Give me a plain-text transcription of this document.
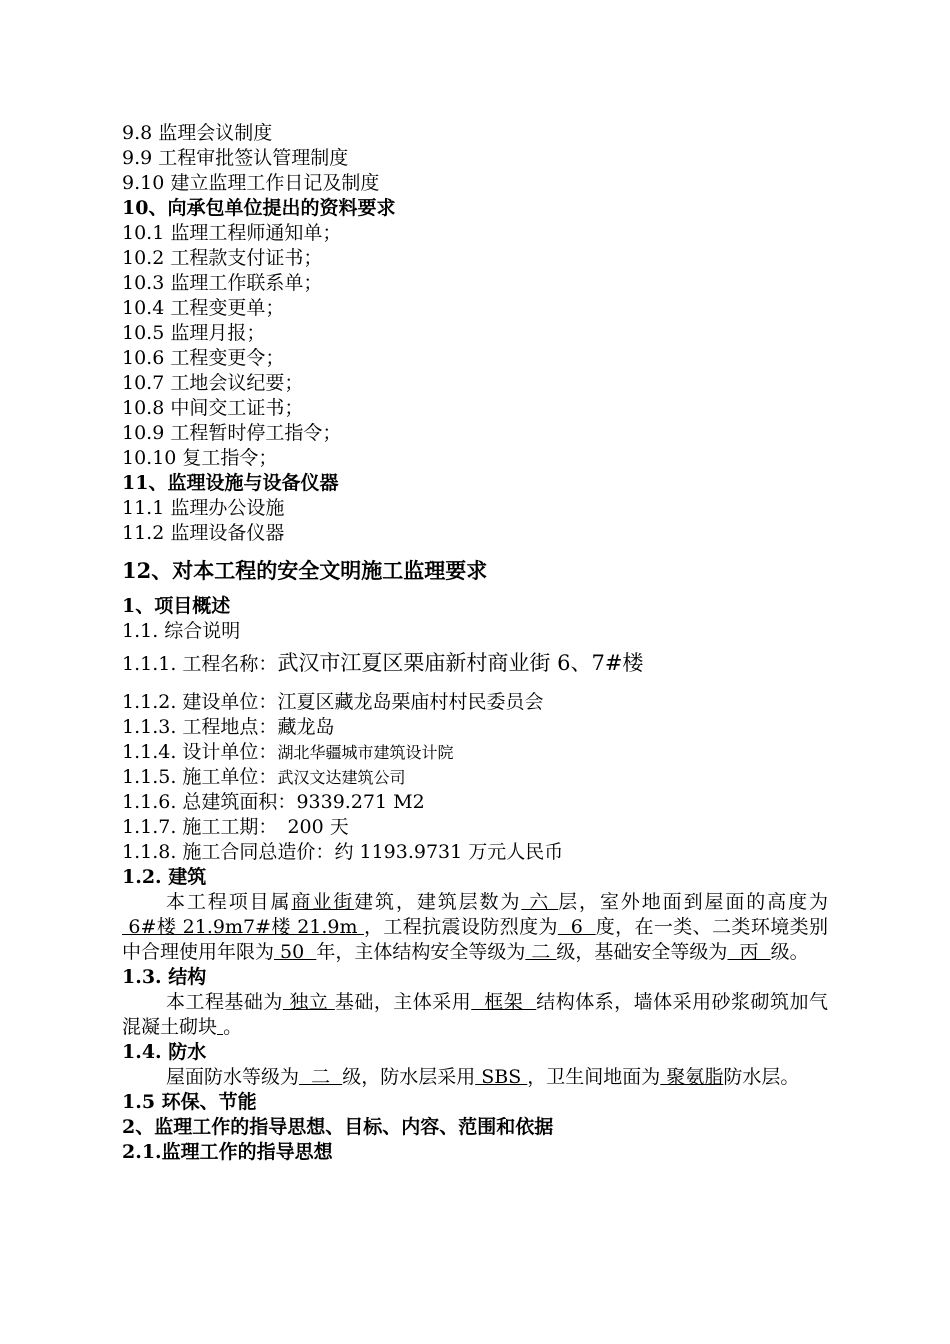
9.8 监理会议制度
9.9 工程审批签认管理制度
9.10 建立监理工作日记及制度
10、向承包单位提出的资料要求
10.1 监理工程师通知单；
10.2 工程款支付证书；
10.3 监理工作联系单；
10.4 工程变更单；
10.5 监理月报；
10.6 工程变更令；
10.7 工地会议纪要；
10.8 中间交工证书；
10.9 工程暂时停工指令；
10.10 复工指令；
11、监理设施与设备仪器
11.1 监理办公设施
11.2 监理设备仪器
12、对本工程的安全文明施工监理要求
1、项目概述
1.1. 综合说明
1.1.1. 工程名称：武汉市江夏区栗庙新村商业街 6、7#楼
1.1.2. 建设单位：江夏区藏龙岛栗庙村村民委员会
1.1.3. 工程地点：藏龙岛
1.1.4. 设计单位：湖北华疆城市建筑设计院
1.1.5. 施工单位：武汉文达建筑公司
1.1.6. 总建筑面积：9339.271 M2
1.1.7. 施工工期： 200 天
1.1.8. 施工合同总造价：约 1193.9731 万元人民币
1.2. 建筑
本工程项目属商业街建筑，建筑层数为 六 层，室外地面到屋面的高度为 6#楼 21.9m7#楼 21.9m ，工程抗震设防烈度为  6  度，在一类、二类环境类别中合理使用年限为 50  年，主体结构安全等级为 二 级，基础安全等级为  丙  级。
1.3. 结构
本工程基础为 独立 基础，主体采用  框架  结构体系，墙体采用砂浆砌筑加气混凝土砌块 。
1.4. 防水
屋面防水等级为  二  级，防水层采用 SBS ，卫生间地面为 聚氨脂防水层。
1.5 环保、节能
2、监理工作的指导思想、目标、内容、范围和依据
2.1.监理工作的指导思想
